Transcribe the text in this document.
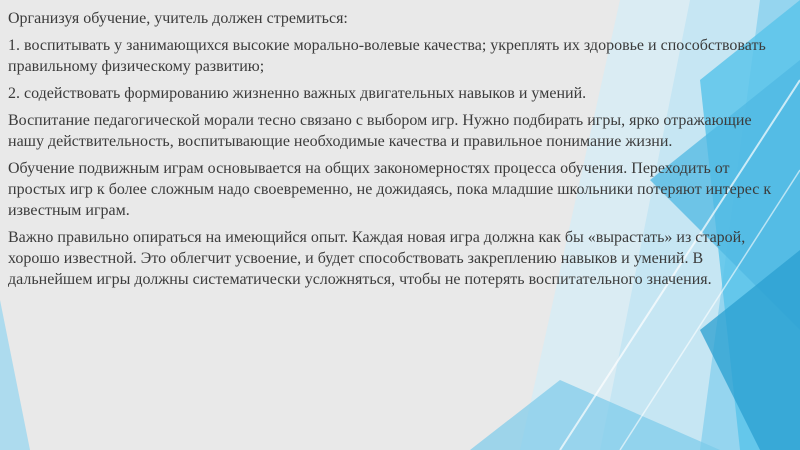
Организуя обучение, учитель должен стремиться:

1. воспитывать у занимающихся высокие морально-волевые качества; укреплять их здоровье и способствовать правильному физическому развитию;

2. содействовать формированию жизненно важных двигательных навыков и умений.

Воспитание педагогической морали тесно связано с выбором игр. Нужно подбирать игры, ярко отражающие нашу действительность, воспитывающие необходимые качества и правильное понимание жизни.

Обучение подвижным играм основывается на общих закономерностях процесса обучения. Переходить от простых игр к более сложным надо своевременно, не дожидаясь, пока младшие школьники потеряют интерес к известным играм.

Важно правильно опираться на имеющийся опыт. Каждая новая игра должна как бы «вырастать» из старой, хорошо известной. Это облегчит усвоение, и будет способствовать закреплению навыков и умений. В дальнейшем игры должны систематически усложняться, чтобы не потерять воспитательного значения.
